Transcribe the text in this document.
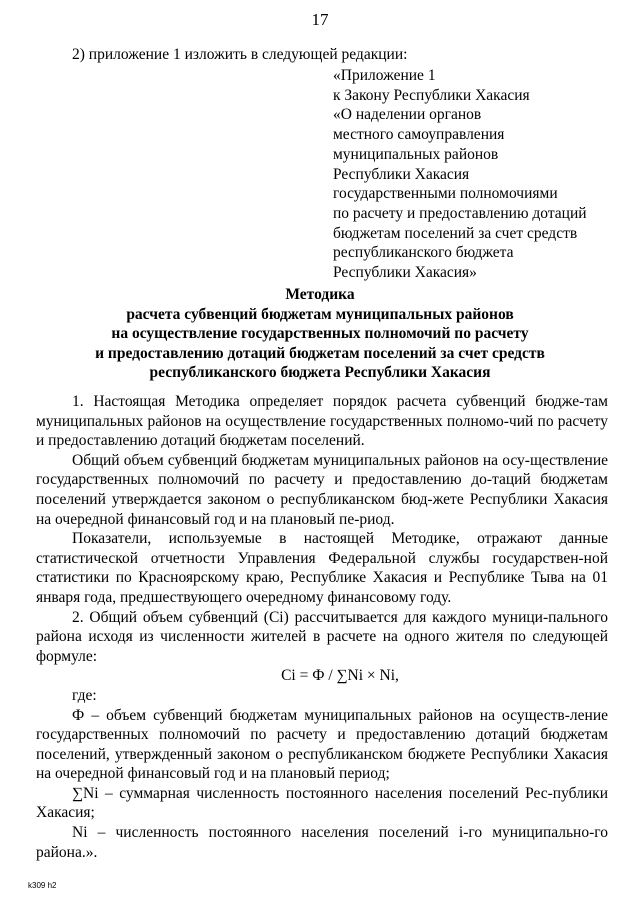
17
2) приложение 1 изложить в следующей редакции:
«Приложение 1
к Закону Республики Хакасия
«О наделении органов
местного самоуправления
муниципальных районов
Республики Хакасия
государственными полномочиями
по расчету и предоставлению дотаций
бюджетам поселений за счет средств
республиканского бюджета
Республики Хакасия»
Методика
расчета субвенций бюджетам муниципальных районов
на осуществление государственных полномочий по расчету
и предоставлению дотаций бюджетам поселений за счет средств
республиканского бюджета Республики Хакасия

1. Настоящая Методика определяет порядок расчета субвенций бюдже-там муниципальных районов на осуществление государственных полномо-чий по расчету и предоставлению дотаций бюджетам поселений.

Общий объем субвенций бюджетам муниципальных районов на осу-ществление государственных полномочий по расчету и предоставлению до-таций бюджетам поселений утверждается законом о республиканском бюд-жете Республики Хакасия на очередной финансовый год и на плановый пе-риод.

Показатели, используемые в настоящей Методике, отражают данные статистической отчетности Управления Федеральной службы государствен-ной статистики по Красноярскому краю, Республике Хакасия и Республике Тыва на 01 января года, предшествующего очередному финансовому году.

2. Общий объем субвенций (Ci) рассчитывается для каждого муници-пального района исходя из численности жителей в расчете на одного жителя по следующей формуле:

Ci = Ф / ∑Ni × Ni,

где:

Ф – объем субвенций бюджетам муниципальных районов на осуществ-ление государственных полномочий по расчету и предоставлению дотаций бюджетам поселений, утвержденный законом о республиканском бюджете Республики Хакасия на очередной финансовый год и на плановый период;

∑Ni – суммарная численность постоянного населения поселений Рес-публики Хакасия;

Ni – численность постоянного населения поселений i-го муниципально-го района.».

k309 h2
